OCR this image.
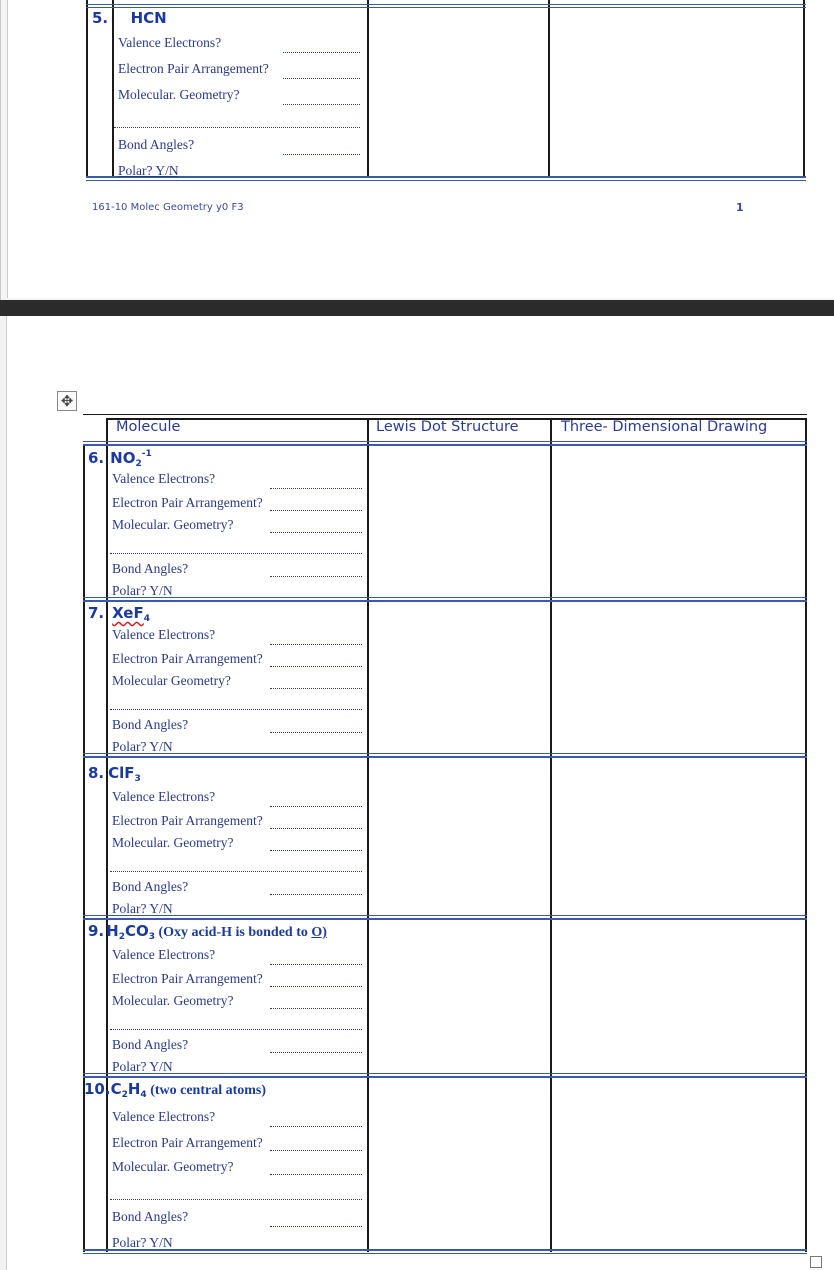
5. HCN
Valence Electrons?
Electron Pair Arrangement?
Molecular. Geometry?
Bond Angles?
Polar? Y/N
161-10 Molec Geometry y0 F3	1
✥
Molecule	Lewis Dot Structure	Three- Dimensional Drawing
6. $NO_2^{-1}$
Valence Electrons?
Electron Pair Arrangement?
Molecular. Geometry?
Bond Angles?
Polar? Y/N
7. XeF$_4$
Valence Electrons?
Electron Pair Arrangement?
Molecular Geometry?
Bond Angles?
Polar? Y/N
8. ClF$_3$
Valence Electrons?
Electron Pair Arrangement?
Molecular. Geometry?
Bond Angles?
Polar? Y/N
9. $H_2CO_3$ (Oxy acid-H is bonded to O)
Valence Electrons?
Electron Pair Arrangement?
Molecular. Geometry?
Bond Angles?
Polar? Y/N
$10.C_2H_4$ (two central atoms)
Valence Electrons?
Electron Pair Arrangement?
Molecular. Geometry?
Bond Angles?
Polar? Y/N
